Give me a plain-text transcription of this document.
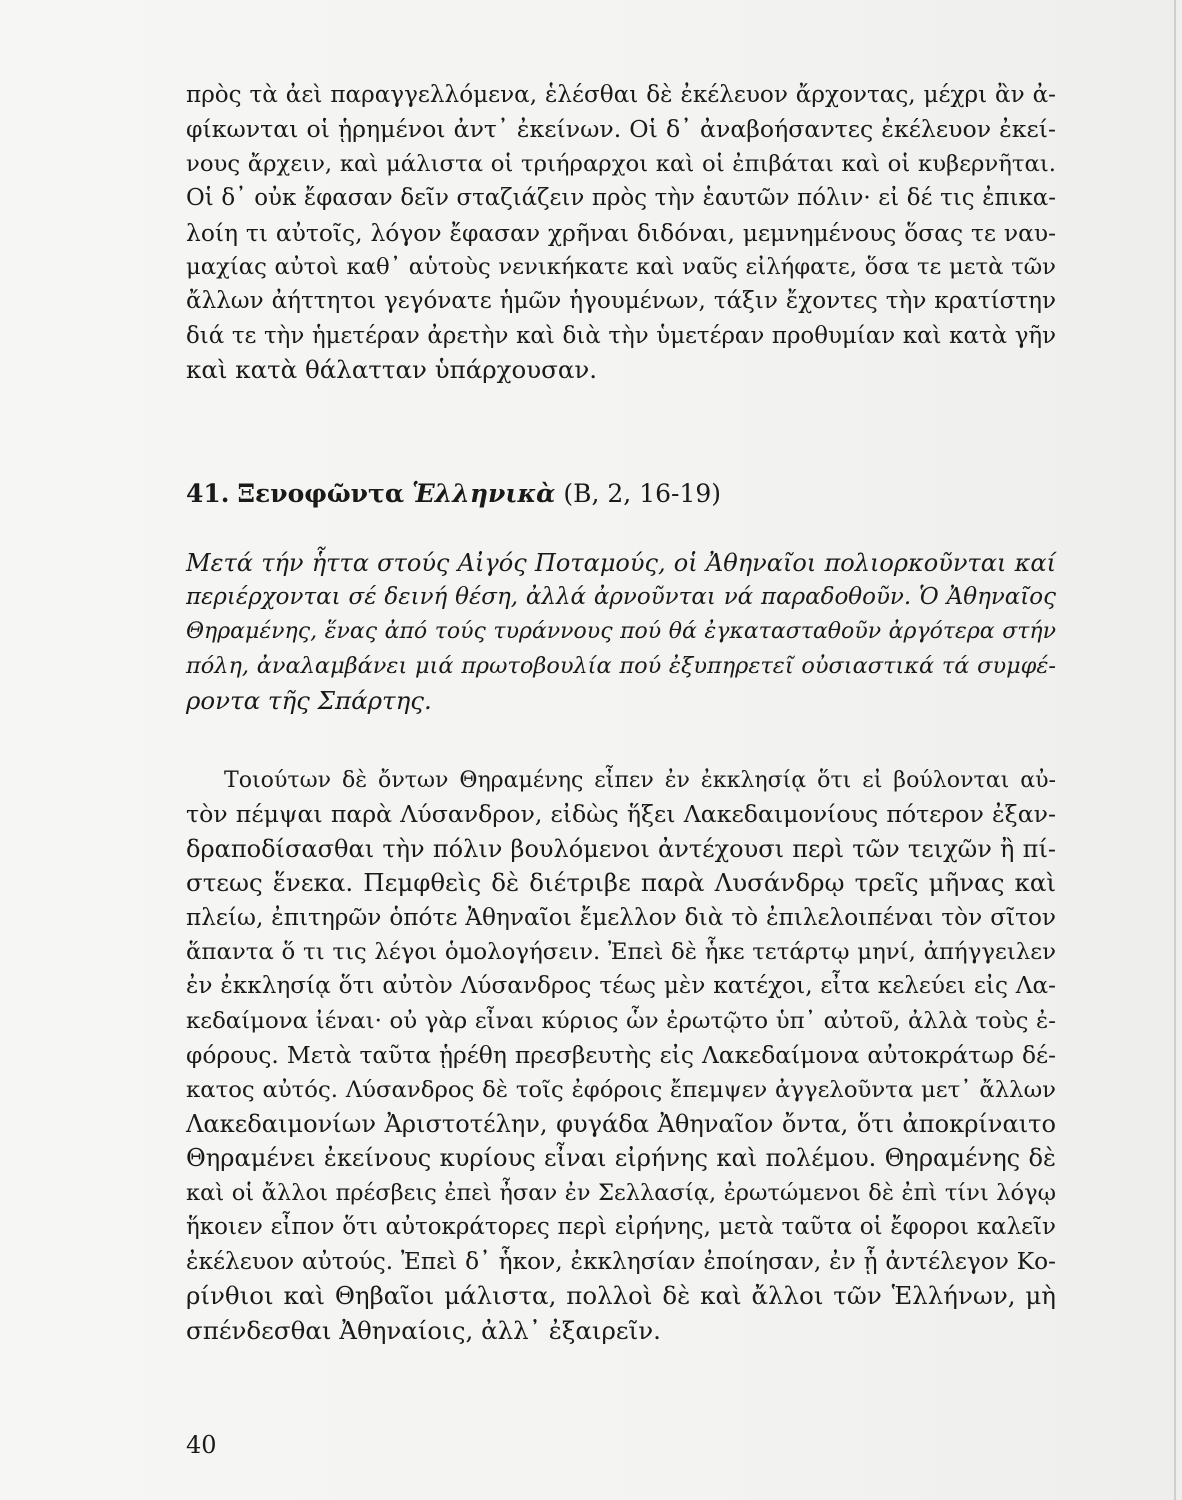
πρὸς τὰ ἀεὶ παραγγελλόμενα, ἑλέσθαι δὲ ἐκέλευον ἄρχοντας, μέχρι ἂν ἀ-
φίκωνται οἱ ᾑρημένοι ἀντ᾿ ἐκείνων. Οἱ δ᾿ ἀναβοήσαντες ἐκέλευον ἐκεί-
νους ἄρχειν, καὶ μάλιστα οἱ τριήραρχοι καὶ οἱ ἐπιβάται καὶ οἱ κυβερνῆται.
Οἱ δ᾿ οὐκ ἔφασαν δεῖν σταζιάζειν πρὸς τὴν ἑαυτῶν πόλιν· εἰ δέ τις ἐπικα-
λοίη τι αὐτοῖς, λόγον ἔφασαν χρῆναι διδόναι, μεμνημένους ὅσας τε ναυ-
μαχίας αὐτοὶ καθ᾿ αὑτοὺς νενικήκατε καὶ ναῦς εἰλήφατε, ὅσα τε μετὰ τῶν
ἄλλων ἀήττητοι γεγόνατε ἡμῶν ἡγουμένων, τάξιν ἔχοντες τὴν κρατίστην
διά τε τὴν ἡμετέραν ἀρετὴν καὶ διὰ τὴν ὑμετέραν προθυμίαν καὶ κατὰ γῆν
καὶ κατὰ θάλατταν ὑπάρχουσαν.
41. Ξενοφῶντα Ἑλληνικὰ (Β, 2, 16-19)
Μετά τήν ἧττα στούς Αἰγός Ποταμούς, οἱ Ἀθηναῖοι πολιορκοῦνται καί
περιέρχονται σέ δεινή θέση, ἀλλά ἀρνοῦνται νά παραδοθοῦν. Ὁ Ἀθηναῖος
Θηραμένης, ἕνας ἀπό τούς τυράννους πού θά ἐγκατασταθοῦν ἀργότερα στήν
πόλη, ἀναλαμβάνει μιά πρωτοβουλία πού ἐξυπηρετεῖ οὐσιαστικά τά συμφέ-
ροντα τῆς Σπάρτης.
Τοιούτων δὲ ὄντων Θηραμένης εἶπεν ἐν ἐκκλησίᾳ ὅτι εἰ βούλονται αὐ-
τὸν πέμψαι παρὰ Λύσανδρον, εἰδὼς ἥξει Λακεδαιμονίους πότερον ἐξαν-
δραποδίσασθαι τὴν πόλιν βουλόμενοι ἀντέχουσι περὶ τῶν τειχῶν ἢ πί-
στεως ἕνεκα. Πεμφθεὶς δὲ διέτριβε παρὰ Λυσάνδρῳ τρεῖς μῆνας καὶ
πλείω, ἐπιτηρῶν ὁπότε Ἀθηναῖοι ἔμελλον διὰ τὸ ἐπιλελοιπέναι τὸν σῖτον
ἅπαντα ὅ τι τις λέγοι ὁμολογήσειν. Ἐπεὶ δὲ ἧκε τετάρτῳ μηνί, ἀπήγγειλεν
ἐν ἐκκλησίᾳ ὅτι αὐτὸν Λύσανδρος τέως μὲν κατέχοι, εἶτα κελεύει εἰς Λα-
κεδαίμονα ἰέναι· οὐ γὰρ εἶναι κύριος ὧν ἐρωτῷτο ὑπ᾿ αὐτοῦ, ἀλλὰ τοὺς ἐ-
φόρους. Μετὰ ταῦτα ᾑρέθη πρεσβευτὴς εἰς Λακεδαίμονα αὐτοκράτωρ δέ-
κατος αὐτός. Λύσανδρος δὲ τοῖς ἐφόροις ἔπεμψεν ἀγγελοῦντα μετ᾿ ἄλλων
Λακεδαιμονίων Ἀριστοτέλην, φυγάδα Ἀθηναῖον ὄντα, ὅτι ἀποκρίναιτο
Θηραμένει ἐκείνους κυρίους εἶναι εἰρήνης καὶ πολέμου. Θηραμένης δὲ
καὶ οἱ ἄλλοι πρέσβεις ἐπεὶ ἦσαν ἐν Σελλασίᾳ, ἐρωτώμενοι δὲ ἐπὶ τίνι λόγῳ
ἥκοιεν εἶπον ὅτι αὐτοκράτορες περὶ εἰρήνης, μετὰ ταῦτα οἱ ἔφοροι καλεῖν
ἐκέλευον αὐτούς. Ἐπεὶ δ᾿ ἧκον, ἐκκλησίαν ἐποίησαν, ἐν ᾗ ἀντέλεγον Κο-
ρίνθιοι καὶ Θηβαῖοι μάλιστα, πολλοὶ δὲ καὶ ἄλλοι τῶν Ἑλλήνων, μὴ
σπένδεσθαι Ἀθηναίοις, ἀλλ᾿ ἐξαιρεῖν.
40
